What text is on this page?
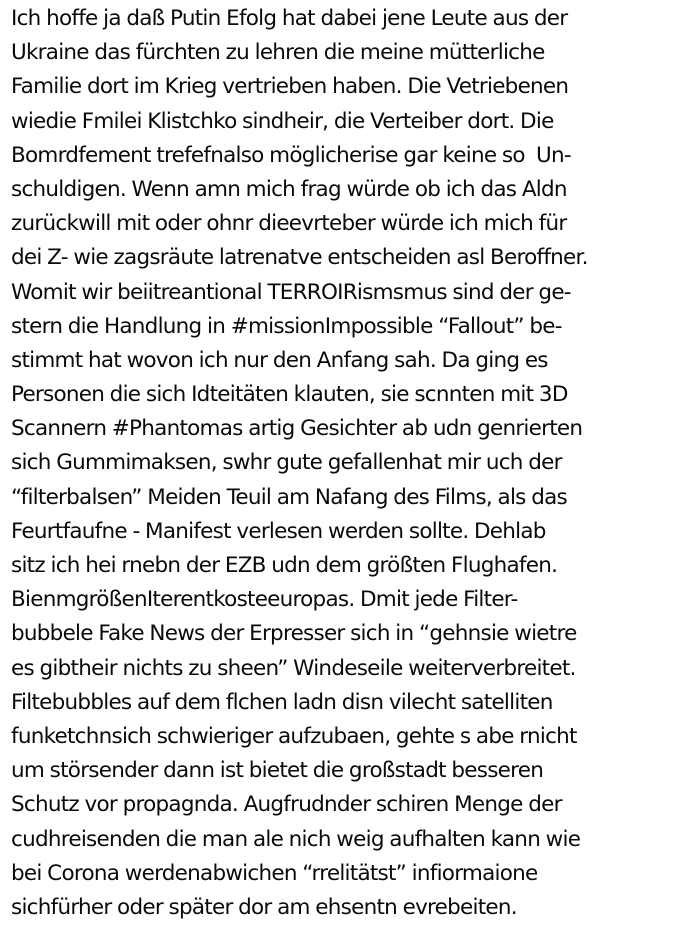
Ich hoffe ja daß Putin Efolg hat dabei jene Leute aus der
Ukraine das fürchten zu lehren die meine mütterliche
Familie dort im Krieg vertrieben haben. Die Vetriebenen
wiedie Fmilei Klistchko sindheir, die Verteiber dort. Die
Bomrdfement trefefnalso möglicherise gar keine so  Un-
schuldigen. Wenn amn mich frag würde ob ich das Aldn
zurückwill mit oder ohnr dieevrteber würde ich mich für
dei Z- wie zagsräute latrenatve entscheiden asl Beroffner.
Womit wir beiitreantional TERROIRismsmus sind der ge-
stern die Handlung in #missionImpossible “Fallout” be-
stimmt hat wovon ich nur den Anfang sah. Da ging es
Personen die sich Idteitäten klauten, sie scnnten mit 3D
Scannern #Phantomas artig Gesichter ab udn genrierten
sich Gummimaksen, swhr gute gefallenhat mir uch der
“filterbalsen” Meiden Teuil am Nafang des Films, als das
Feurtfaufne - Manifest verlesen werden sollte. Dehlab
sitz ich hei rnebn der EZB udn dem größten Flughafen.
BienmgrößenIterentkosteeuropas. Dmit jede Filter-
bubbele Fake News der Erpresser sich in “gehnsie wietre
es gibtheir nichts zu sheen” Windeseile weiterverbreitet.
Filtebubbles auf dem flchen ladn disn vilecht satelliten
funketchnsich schwieriger aufzubaen, gehte s abe rnicht
um störsender dann ist bietet die großstadt besseren
Schutz vor propagnda. Augfrudnder schiren Menge der
cudhreisenden die man ale nich weig aufhalten kann wie
bei Corona werdenabwichen “rrelitätst” infiormaione
sichfürher oder später dor am ehsentn evrebeiten.
